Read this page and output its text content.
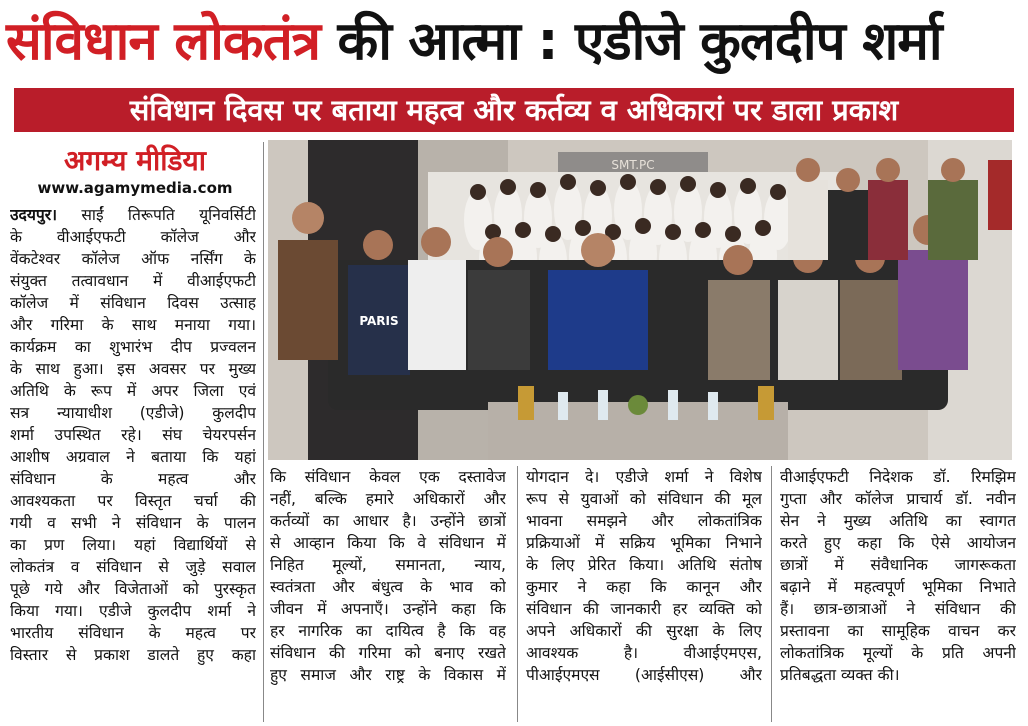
संविधान लोकतंत्र की आत्मा : एडीजे कुलदीप शर्मा
संविधान दिवस पर बताया महत्व और कर्तव्य व अधिकारां पर डाला प्रकाश
अगम्य मीडिया
www.agamymedia.com

उदयपुर। साईं तिरूपति यूनिवर्सिटी

के वीआईएफटी कॉलेज और

वेंकटेश्वर कॉलेज ऑफ नर्सिंग के

संयुक्त तत्वावधान में वीआईएफटी

कॉलेज में संविधान दिवस उत्साह

और गरिमा के साथ मनाया गया।

कार्यक्रम का शुभारंभ दीप प्रज्वलन

के साथ हुआ। इस अवसर पर मुख्य

अतिथि के रूप में अपर जिला एवं

सत्र न्यायाधीश (एडीजे) कुलदीप

शर्मा उपस्थित रहे। संघ चेयरपर्सन

आशीष अग्रवाल ने बताया कि यहां

संविधान के महत्व और

आवश्यकता पर विस्तृत चर्चा की

गयी व सभी ने संविधान के पालन

का प्रण लिया। यहां विद्यार्थियों से

लोकतंत्र व संविधान से जुड़े सवाल

पूछे गये और विजेताओं को पुरस्कृत

किया गया। एडीजे कुलदीप शर्मा ने

भारतीय संविधान के महत्व पर

विस्तार से प्रकाश डालते हुए कहा

SMT.PC
PARIS

कि संविधान केवल एक दस्तावेज

नहीं, बल्कि हमारे अधिकारों और

कर्तव्यों का आधार है। उन्होंने छात्रों

से आव्हान किया कि वे संविधान में

निहित मूल्यों, समानता, न्याय,

स्वतंत्रता और बंधुत्व के भाव को

जीवन में अपनाएँ। उन्होंने कहा कि

हर नागरिक का दायित्व है कि वह

संविधान की गरिमा को बनाए रखते

हुए समाज और राष्ट्र के विकास में

योगदान दे। एडीजे शर्मा ने विशेष

रूप से युवाओं को संविधान की मूल

भावना समझने और लोकतांत्रिक

प्रक्रियाओं में सक्रिय भूमिका निभाने

के लिए प्रेरित किया। अतिथि संतोष

कुमार ने कहा कि कानून और

संविधान की जानकारी हर व्यक्ति को

अपने अधिकारों की सुरक्षा के लिए

आवश्यक है। वीआईएमएस,

पीआईएमएस (आईसीएस) और

वीआईएफटी निदेशक डॉ. रिमझिम

गुप्ता और कॉलेज प्राचार्य डॉ. नवीन

सेन ने मुख्य अतिथि का स्वागत

करते हुए कहा कि ऐसे आयोजन

छात्रों में संवैधानिक जागरूकता

बढ़ाने में महत्वपूर्ण भूमिका निभाते

हैं। छात्र-छात्राओं ने संविधान की

प्रस्तावना का सामूहिक वाचन कर

लोकतांत्रिक मूल्यों के प्रति अपनी

प्रतिबद्धता व्यक्त की।
